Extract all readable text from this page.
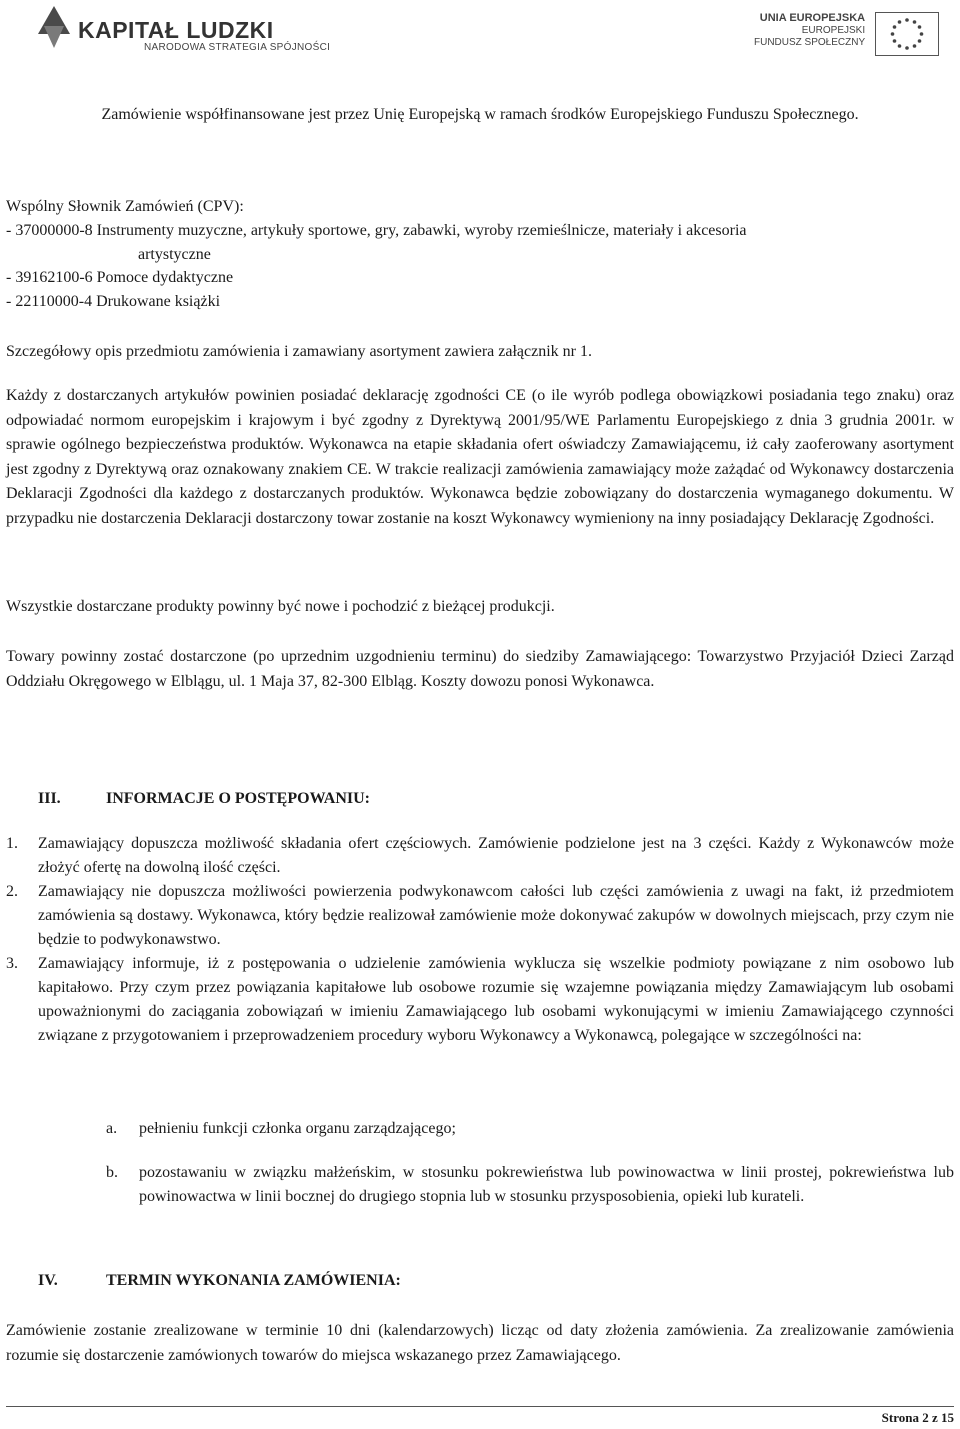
KAPITAŁ LUDZKI
NARODOWA STRATEGIA SPÓJNOŚCI
UNIA EUROPEJSKA
EUROPEJSKI
FUNDUSZ SPOŁECZNY
Zamówienie współfinansowane jest przez Unię Europejską w ramach środków Europejskiego Funduszu Społecznego.
Wspólny Słownik Zamówień (CPV):
- 37000000-8 Instrumenty muzyczne, artykuły sportowe, gry, zabawki, wyroby rzemieślnicze, materiały i akcesoria
artystyczne
- 39162100-6 Pomoce dydaktyczne
- 22110000-4 Drukowane książki
Szczegółowy opis przedmiotu zamówienia i zamawiany asortyment zawiera załącznik nr 1.

Każdy z dostarczanych artykułów powinien posiadać deklarację zgodności CE (o ile wyrób podlega obowiązkowi posiadania tego znaku) oraz odpowiadać normom europejskim i krajowym i być zgodny z Dyrektywą 2001/95/WE Parlamentu Europejskiego z dnia 3 grudnia 2001r. w sprawie ogólnego bezpieczeństwa produktów. Wykonawca na etapie składania ofert oświadczy Zamawiającemu, iż cały zaoferowany asortyment jest zgodny z Dyrektywą oraz oznakowany znakiem CE. W trakcie realizacji zamówienia zamawiający może zażądać od Wykonawcy dostarczenia Deklaracji Zgodności dla każdego z dostarczanych produktów. Wykonawca będzie zobowiązany do dostarczenia wymaganego dokumentu. W przypadku nie dostarczenia Deklaracji dostarczony towar zostanie na koszt Wykonawcy wymieniony na inny posiadający Deklarację Zgodności.

Wszystkie dostarczane produkty powinny być nowe i pochodzić z bieżącej produkcji.

Towary powinny zostać dostarczone (po uprzednim uzgodnieniu terminu) do siedziby Zamawiającego: Towarzystwo Przyjaciół Dzieci Zarząd Oddziału Okręgowego w Elblągu, ul. 1 Maja 37, 82-300 Elbląg. Koszty dowozu ponosi Wykonawca.

III.	INFORMACJE O POSTĘPOWANIU:
1. Zamawiający dopuszcza możliwość składania ofert częściowych. Zamówienie podzielone jest na 3 części. Każdy z Wykonawców może złożyć ofertę na dowolną ilość części.
2. Zamawiający nie dopuszcza możliwości powierzenia podwykonawcom całości lub części zamówienia z uwagi na fakt, iż przedmiotem zamówienia są dostawy. Wykonawca, który będzie realizował zamówienie może dokonywać zakupów w dowolnych miejscach, przy czym nie będzie to podwykonawstwo.
3. Zamawiający informuje, iż z postępowania o udzielenie zamówienia wyklucza się wszelkie podmioty powiązane z nim osobowo lub kapitałowo. Przy czym przez powiązania kapitałowe lub osobowe rozumie się wzajemne powiązania między Zamawiającym lub osobami upoważnionymi do zaciągania zobowiązań w imieniu Zamawiającego lub osobami wykonującymi w imieniu Zamawiającego czynności związane z przygotowaniem i przeprowadzeniem procedury wyboru Wykonawcy a Wykonawcą, polegające w szczególności na:
a. pełnieniu funkcji członka organu zarządzającego;
b. pozostawaniu w związku małżeńskim, w stosunku pokrewieństwa lub powinowactwa w linii prostej, pokrewieństwa lub powinowactwa w linii bocznej do drugiego stopnia lub w stosunku przysposobienia, opieki lub kurateli.
IV.	TERMIN WYKONANIA ZAMÓWIENIA:

Zamówienie zostanie zrealizowane w terminie 10 dni (kalendarzowych) licząc od daty złożenia zamówienia. Za zrealizowanie zamówienia rozumie się dostarczenie zamówionych towarów do miejsca wskazanego przez Zamawiającego.

Strona 2 z 15
